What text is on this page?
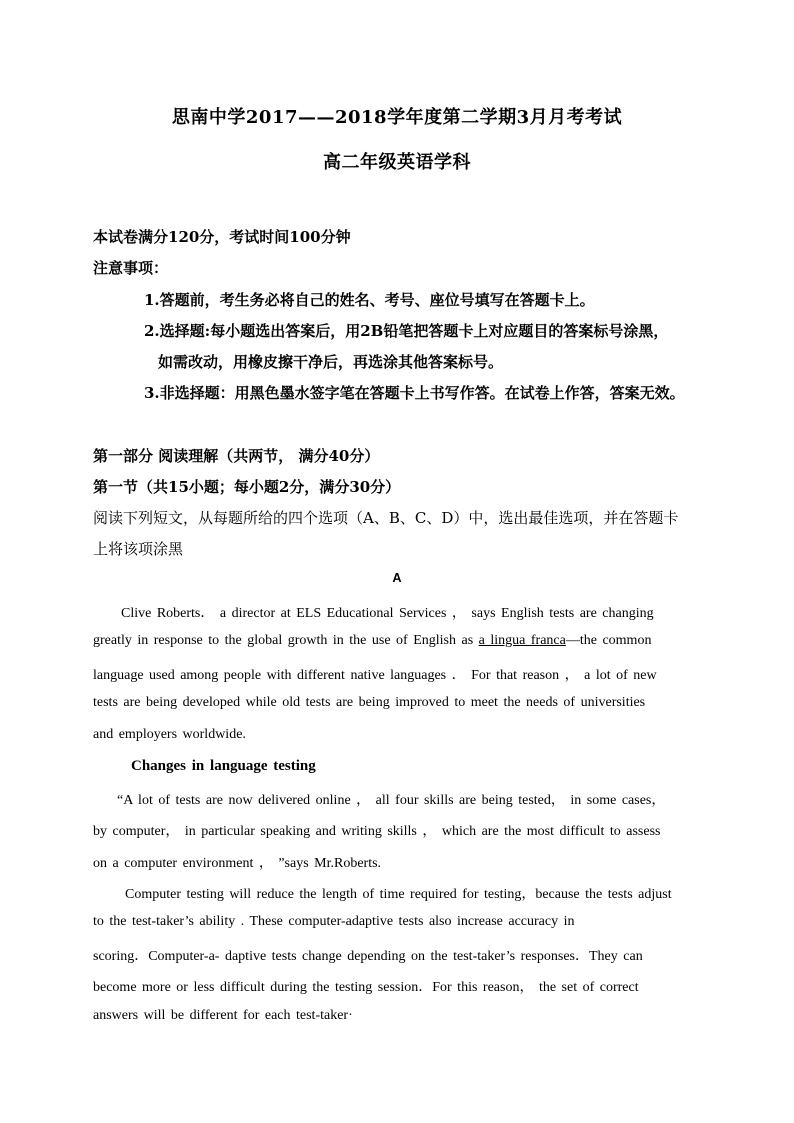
思南中学2017——2018学年度第二学期3月月考考试
高二年级英语学科
本试卷满分120分，考试时间100分钟
注意事项：
1.答题前，考生务必将自己的姓名、考号、座位号填写在答题卡上。
2.选择题:每小题选出答案后，用2B铅笔把答题卡上对应题目的答案标号涂黑，
如需改动，用橡皮擦干净后，再选涂其他答案标号。
3.非选择题：用黑色墨水签字笔在答题卡上书写作答。在试卷上作答，答案无效。
第一部分 阅读理解（共两节， 满分40分）
第一节（共15小题；每小题2分，满分30分）
阅读下列短文，从每题所给的四个选项（A、B、C、D）中，选出最佳选项，并在答题卡
上将该项涂黑
A
Clive Roberts． a director at ELS Educational Services ， says English tests are changing
greatly in response to the global growth in the use of English as a lingua franca—the common
language used among people with different native languages ． For that reason ， a lot of new
tests are being developed while old tests are being improved to meet the needs of universities
and employers worldwide.
Changes in language testing
“A lot of tests are now delivered online ， all four skills are being tested， in some cases，
by computer， in particular speaking and writing skills ， which are the most difficult to assess
on a computer environment ， ”says Mr.Roberts.
Computer testing will reduce the length of time required for testing，because the tests adjust
to the test-taker’s ability . These computer-adaptive tests also increase accuracy in
scoring．Computer-a- daptive tests change depending on the test-taker’s responses．They can
become more or less difficult during the testing session．For this reason， the set of correct
answers will be different for each test-taker·
